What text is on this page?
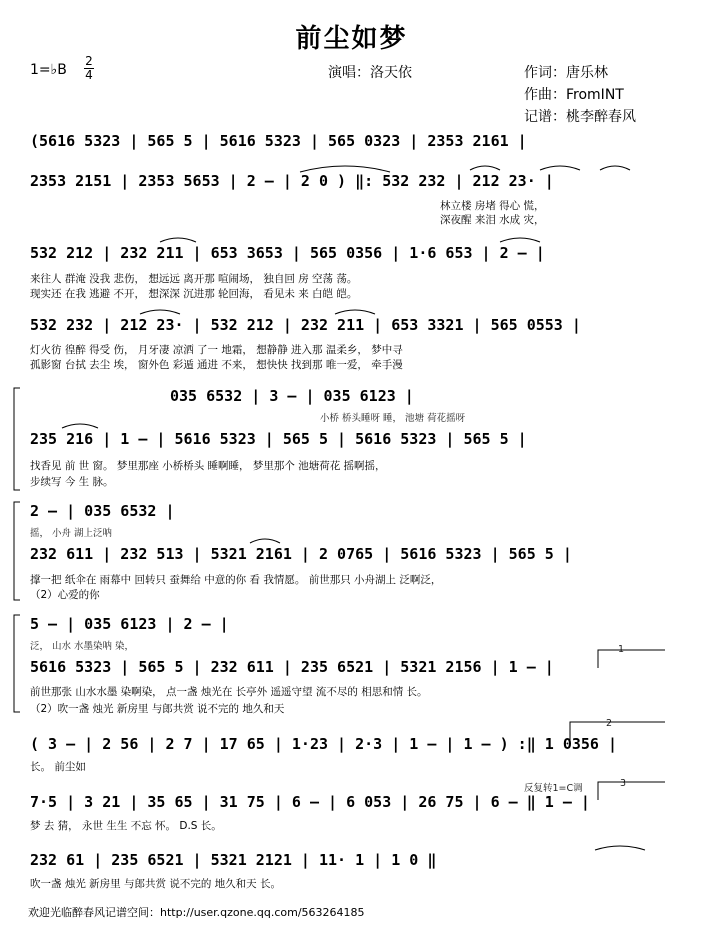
前尘如梦
1=♭B
2
4	演唱：洛天依	作词：唐乐林
作曲：FromINT
记谱：桃李醉春风
(5616 5323 | 565 5 | 5616 5323 | 565 0323 | 2353 2161 |
2353 2151 | 2353 5653 | 2 – | 2 0 ) ‖: 532 232 | 212 23· |
林立楼 房堵 得心 慌，
深夜醒 来泪 水成 灾，
532 212 | 232 211 | 653 3653 | 565 0356 | 1·6 653 | 2 – |
来往人 群淹 没我 悲伤， 想远远 离开那 喧闹场， 独自回 房 空荡 荡。
现实还 在我 逃避 不开， 想深深 沉进那 轮回海， 看见未 来 白皑 皑。
532 232 | 212 23· | 532 212 | 232 211 | 653 3321 | 565 0553 |
灯火彷 徨醉 得受 伤， 月牙凄 凉洒 了一 地霜， 想静静 进入那 温柔乡， 梦中寻
孤影窗 台拭 去尘 埃， 窗外色 彩遁 通进 不来， 想快快 找到那 唯一爱， 牵手漫
035 6532 | 3 – | 035 6123 |
小桥 桥头睡呀 睡， 池塘 荷花摇呀
235 216 | 1 – | 5616 5323 | 565 5 | 5616 5323 | 565 5 |
找香见 前 世 窗。 梦里那座 小桥桥头 睡啊睡， 梦里那个 池塘荷花 摇啊摇，
步续写 今 生 脉。
2 – | 035 6532 |
摇， 小舟 湖上泛呐
232 611 | 232 513 | 5321 2161 | 2 0765 | 5616 5323 | 565 5 |
撑一把 纸伞在 雨幕中 回转只 蚕舞给 中意的你 看 我情愿。 前世那只 小舟湖上 泛啊泛，
（2）心爱的你
5 – | 035 6123 | 2 – |
泛， 山水 水墨染呐 染，
5616 5323 | 565 5 | 232 611 | 235 6521 | 5321 2156 | 1 – |
前世那张 山水水墨 染啊染， 点一盏 烛光在 长亭外 遥遥守望 流不尽的 相思和情 长。
（2）吹一盏 烛光 新房里 与郎共赏 说不完的 地久和天
( 3 – | 2 56 | 2 7 | 17 65 | 1·23 | 2·3 | 1 – | 1 – ) :‖ 1 0356 |
长。 前尘如
7·5 | 3 21 | 35 65 | 31 75 | 6 – | 6 053 | 26 75 | 6 – ‖ 1 – |
梦 去 猜， 永世 生生 不忘 怀。 D.S 长。
反复转1=C调
232 61 | 235 6521 | 5321 2121 | 11· 1 | 1 0 ‖
吹一盏 烛光 新房里 与郎共赏 说不完的 地久和天 长。
1
2
3
欢迎光临醉春风记谱空间：http://user.qzone.qq.com/563264185
